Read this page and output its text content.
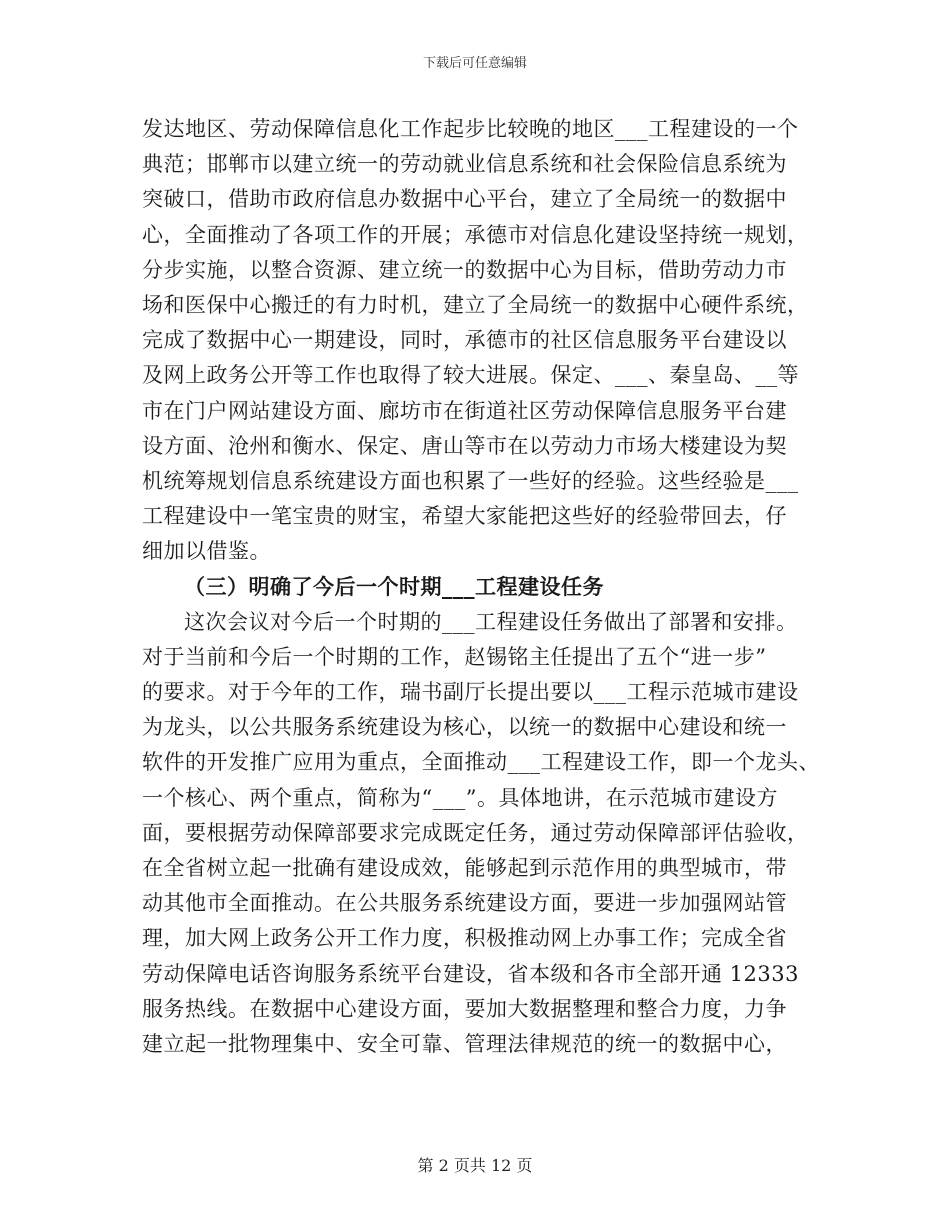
下载后可任意编辑
发达地区、劳动保障信息化工作起步比较晚的地区___工程建设的一个
典范；邯郸市以建立统一的劳动就业信息系统和社会保险信息系统为
突破口，借助市政府信息办数据中心平台，建立了全局统一的数据中
心，全面推动了各项工作的开展；承德市对信息化建设坚持统一规划，
分步实施，以整合资源、建立统一的数据中心为目标，借助劳动力市
场和医保中心搬迁的有力时机，建立了全局统一的数据中心硬件系统，
完成了数据中心一期建设，同时，承德市的社区信息服务平台建设以
及网上政务公开等工作也取得了较大进展。保定、___、秦皇岛、__等
市在门户网站建设方面、廊坊市在街道社区劳动保障信息服务平台建
设方面、沧州和衡水、保定、唐山等市在以劳动力市场大楼建设为契
机统筹规划信息系统建设方面也积累了一些好的经验。这些经验是___
工程建设中一笔宝贵的财宝，希望大家能把这些好的经验带回去，仔
细加以借鉴。
（三）明确了今后一个时期___工程建设任务
这次会议对今后一个时期的___工程建设任务做出了部署和安排。
对于当前和今后一个时期的工作，赵锡铭主任提出了五个“进一步”
的要求。对于今年的工作，瑞书副厅长提出要以___工程示范城市建设
为龙头，以公共服务系统建设为核心，以统一的数据中心建设和统一
软件的开发推广应用为重点，全面推动___工程建设工作，即一个龙头、
一个核心、两个重点，简称为“___”。具体地讲，在示范城市建设方
面，要根据劳动保障部要求完成既定任务，通过劳动保障部评估验收，
在全省树立起一批确有建设成效，能够起到示范作用的典型城市，带
动其他市全面推动。在公共服务系统建设方面，要进一步加强网站管
理，加大网上政务公开工作力度，积极推动网上办事工作；完成全省
劳动保障电话咨询服务系统平台建设，省本级和各市全部开通 12333
服务热线。在数据中心建设方面，要加大数据整理和整合力度，力争
建立起一批物理集中、安全可靠、管理法律规范的统一的数据中心，
第 2 页共 12 页
